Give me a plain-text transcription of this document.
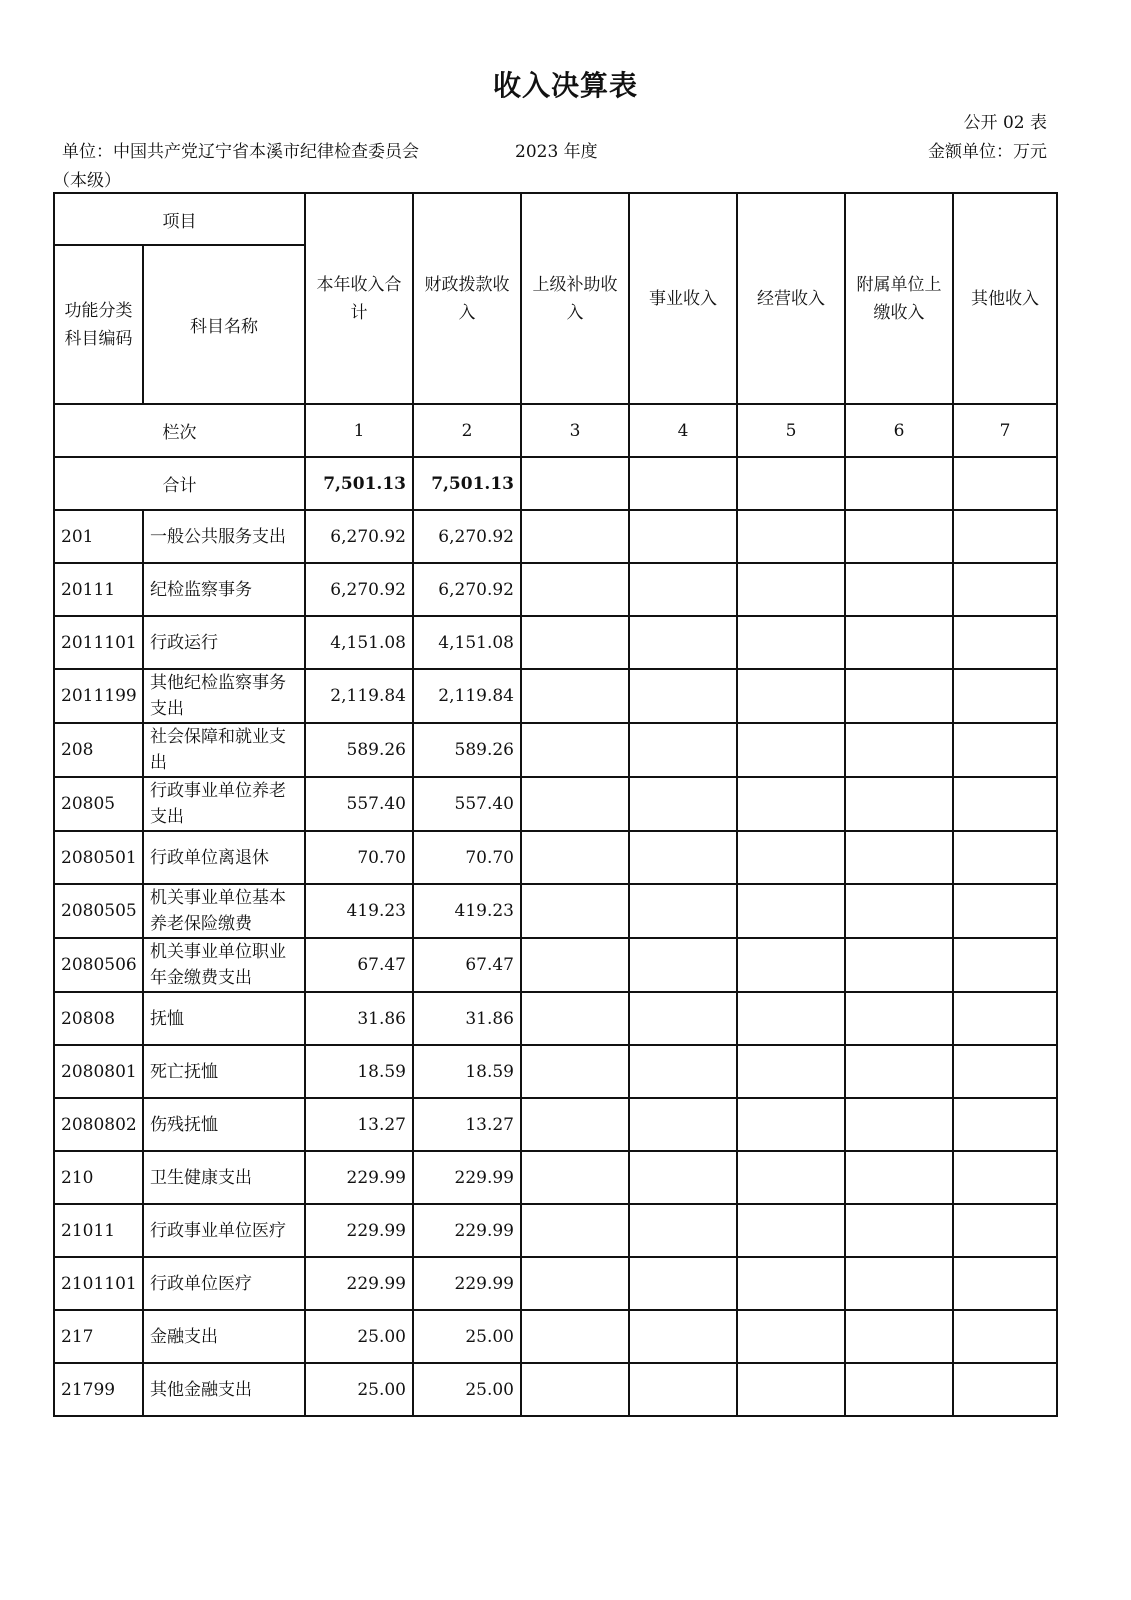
收入决算表
公开 02 表
单位：中国共产党辽宁省本溪市纪律检查委员会
（本级）
2023 年度	金额单位：万元
项目		本年收入合计	财政拨款收入	上级补助收入	事业收入	经营收入	附属单位上缴收入	其他收入
功能分类科目编码	科目名称							
栏次		1	2	3	4	5	6	7
合计		7,501.13	7,501.13					
201	一般公共服务支出	6,270.92	6,270.92					
20111	纪检监察事务	6,270.92	6,270.92					
2011101	行政运行	4,151.08	4,151.08					
2011199	其他纪检监察事务支出	2,119.84	2,119.84					
208	社会保障和就业支出	589.26	589.26					
20805	行政事业单位养老支出	557.40	557.40					
2080501	行政单位离退休	70.70	70.70					
2080505	机关事业单位基本养老保险缴费	419.23	419.23					
2080506	机关事业单位职业年金缴费支出	67.47	67.47					
20808	抚恤	31.86	31.86					
2080801	死亡抚恤	18.59	18.59					
2080802	伤残抚恤	13.27	13.27					
210	卫生健康支出	229.99	229.99					
21011	行政事业单位医疗	229.99	229.99					
2101101	行政单位医疗	229.99	229.99					
217	金融支出	25.00	25.00					
21799	其他金融支出	25.00	25.00					
